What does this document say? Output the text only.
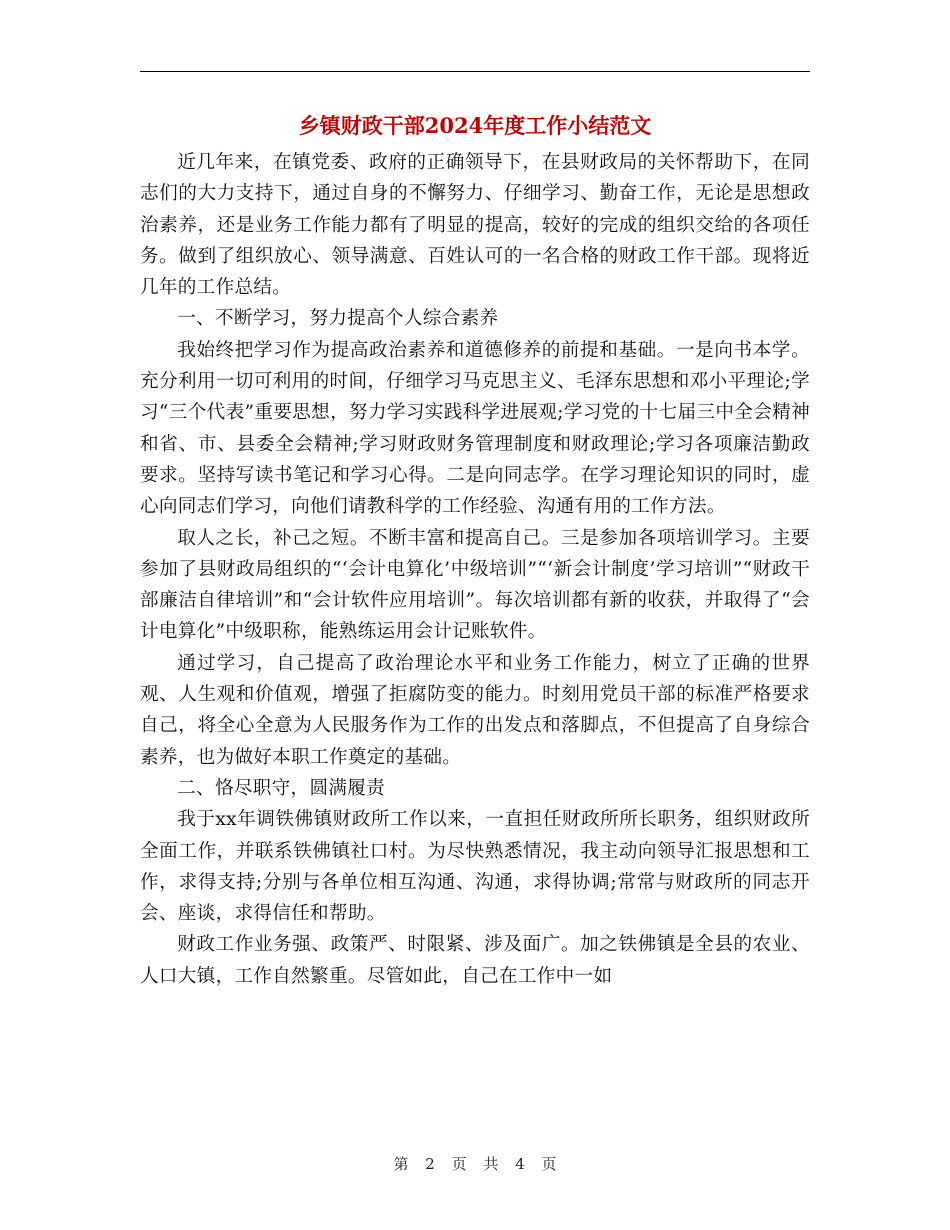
乡镇财政干部2024年度工作小结范文

近几年来，在镇党委、政府的正确领导下，在县财政局的关怀帮助下，在同志们的大力支持下，通过自身的不懈努力、仔细学习、勤奋工作，无论是思想政治素养，还是业务工作能力都有了明显的提高，较好的完成的组织交给的各项任务。做到了组织放心、领导满意、百姓认可的一名合格的财政工作干部。现将近几年的工作总结。

一、不断学习，努力提高个人综合素养

我始终把学习作为提高政治素养和道德修养的前提和基础。一是向书本学。充分利用一切可利用的时间，仔细学习马克思主义、毛泽东思想和邓小平理论;学习“三个代表”重要思想，努力学习实践科学进展观;学习党的十七届三中全会精神和省、市、县委全会精神;学习财政财务管理制度和财政理论;学习各项廉洁勤政要求。坚持写读书笔记和学习心得。二是向同志学。在学习理论知识的同时，虚心向同志们学习，向他们请教科学的工作经验、沟通有用的工作方法。

取人之长，补己之短。不断丰富和提高自己。三是参加各项培训学习。主要参加了县财政局组织的“‘会计电算化’中级培训”“‘新会计制度’学习培训”“财政干部廉洁自律培训”和“会计软件应用培训”。每次培训都有新的收获，并取得了“会计电算化”中级职称，能熟练运用会计记账软件。

通过学习，自己提高了政治理论水平和业务工作能力，树立了正确的世界观、人生观和价值观，增强了拒腐防变的能力。时刻用党员干部的标准严格要求自己，将全心全意为人民服务作为工作的出发点和落脚点，不但提高了自身综合素养，也为做好本职工作奠定的基础。

二、恪尽职守，圆满履责

我于xx年调铁佛镇财政所工作以来，一直担任财政所所长职务，组织财政所全面工作，并联系铁佛镇社口村。为尽快熟悉情况，我主动向领导汇报思想和工作，求得支持;分别与各单位相互沟通、沟通，求得协调;常常与财政所的同志开会、座谈，求得信任和帮助。

财政工作业务强、政策严、时限紧、涉及面广。加之铁佛镇是全县的农业、人口大镇，工作自然繁重。尽管如此，自己在工作中一如

第 2 页 共 4 页
